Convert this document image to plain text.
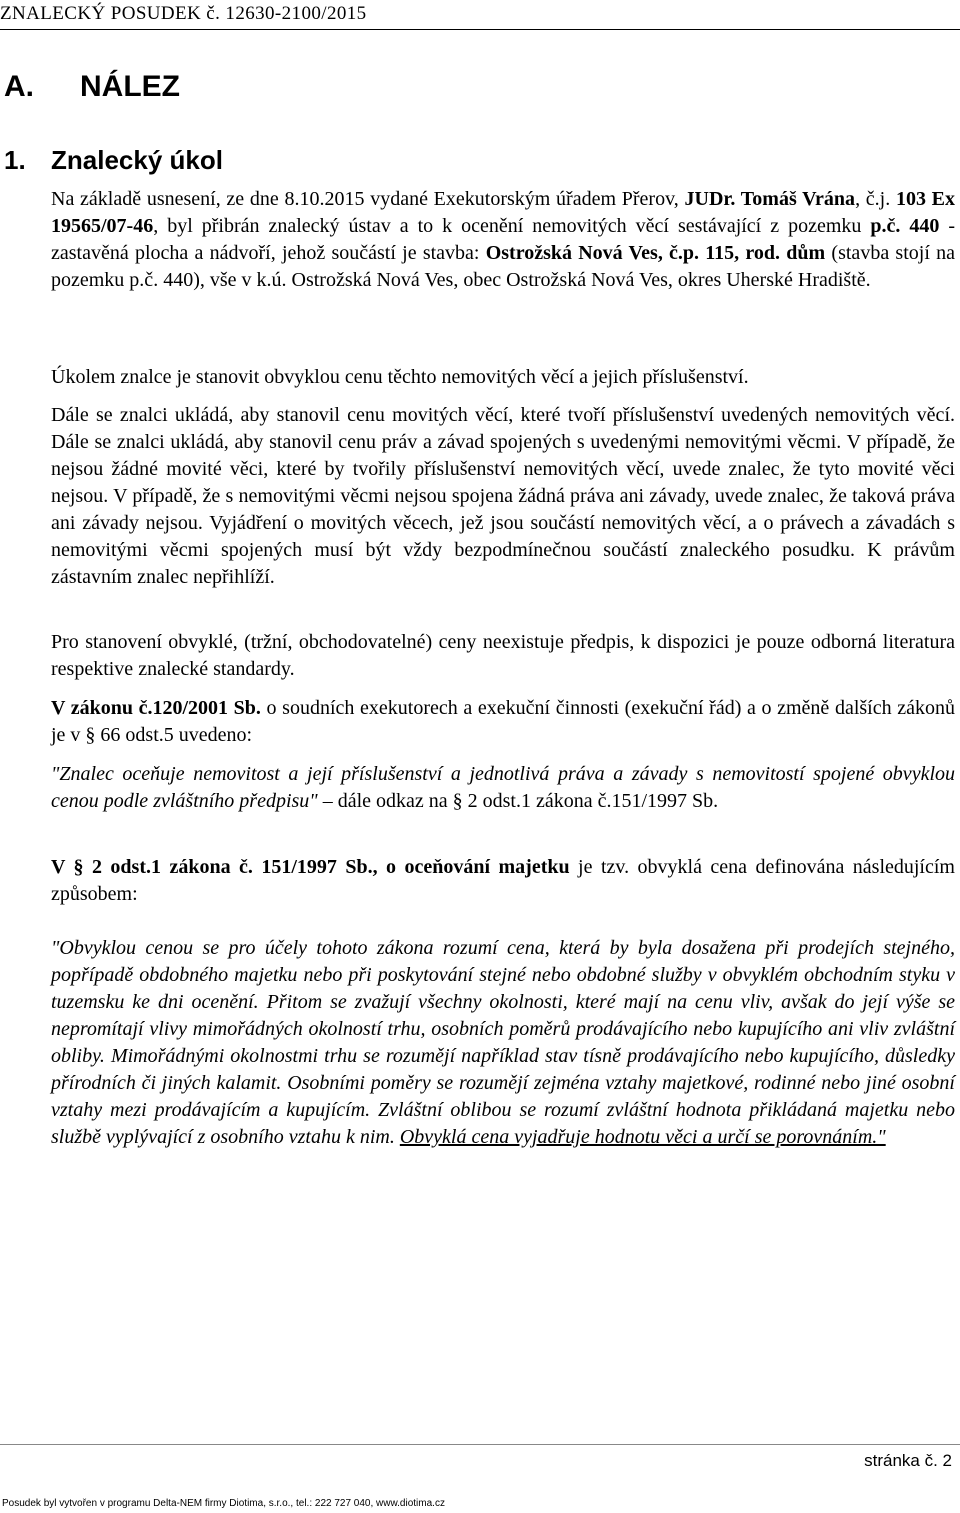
ZNALECKÝ POSUDEK č. 12630-2100/2015
A. NÁLEZ
1. Znalecký úkol

Na základě usnesení, ze dne 8.10.2015 vydané Exekutorským úřadem Přerov, JUDr. Tomáš Vrána, č.j. 103 Ex 19565/07-46, byl přibrán znalecký ústav a to k ocenění nemovitých věcí sestávající z pozemku p.č. 440 - zastavěná plocha a nádvoří, jehož součástí je stavba: Ostrožská Nová Ves, č.p. 115, rod. dům (stavba stojí na pozemku p.č. 440), vše v k.ú. Ostrožská Nová Ves, obec Ostrožská Nová Ves, okres Uherské Hradiště.

Úkolem znalce je stanovit obvyklou cenu těchto nemovitých věcí a jejich příslušenství.

Dále se znalci ukládá, aby stanovil cenu movitých věcí, které tvoří příslušenství uvedených nemovitých věcí. Dále se znalci ukládá, aby stanovil cenu práv a závad spojených s uvedenými nemovitými věcmi. V případě, že nejsou žádné movité věci, které by tvořily příslušenství nemovitých věcí, uvede znalec, že tyto movité věci nejsou. V případě, že s nemovitými věcmi nejsou spojena žádná práva ani závady, uvede znalec, že taková práva ani závady nejsou. Vyjádření o movitých věcech, jež jsou součástí nemovitých věcí, a o právech a závadách s nemovitými věcmi spojených musí být vždy bezpodmínečnou součástí znaleckého posudku. K právům zástavním znalec nepřihlíží.

Pro stanovení obvyklé, (tržní, obchodovatelné) ceny neexistuje předpis, k dispozici je pouze odborná literatura respektive znalecké standardy.

V zákonu č.120/2001 Sb. o soudních exekutorech a exekuční činnosti (exekuční řád) a o změně dalších zákonů je v § 66 odst.5 uvedeno:

"Znalec oceňuje nemovitost a její příslušenství a jednotlivá práva a závady s nemovitostí spojené obvyklou cenou podle zvláštního předpisu" – dále odkaz na § 2 odst.1 zákona č.151/1997 Sb.

V § 2 odst.1 zákona č. 151/1997 Sb., o oceňování majetku je tzv. obvyklá cena definována následujícím způsobem:

"Obvyklou cenou se pro účely tohoto zákona rozumí cena, která by byla dosažena při prodejích stejného, popřípadě obdobného majetku nebo při poskytování stejné nebo obdobné služby v obvyklém obchodním styku v tuzemsku ke dni ocenění. Přitom se zvažují všechny okolnosti, které mají na cenu vliv, avšak do její výše se nepromítají vlivy mimořádných okolností trhu, osobních poměrů prodávajícího nebo kupujícího ani vliv zvláštní obliby. Mimořádnými okolnostmi trhu se rozumějí například stav tísně prodávajícího nebo kupujícího, důsledky přírodních či jiných kalamit. Osobními poměry se rozumějí zejména vztahy majetkové, rodinné nebo jiné osobní vztahy mezi prodávajícím a kupujícím. Zvláštní oblibou se rozumí zvláštní hodnota přikládaná majetku nebo službě vyplývající z osobního vztahu k nim. Obvyklá cena vyjadřuje hodnotu věci a určí se porovnáním."

stránka č. 2
Posudek byl vytvořen v programu Delta-NEM firmy Diotima, s.r.o., tel.: 222 727 040, www.diotima.cz
